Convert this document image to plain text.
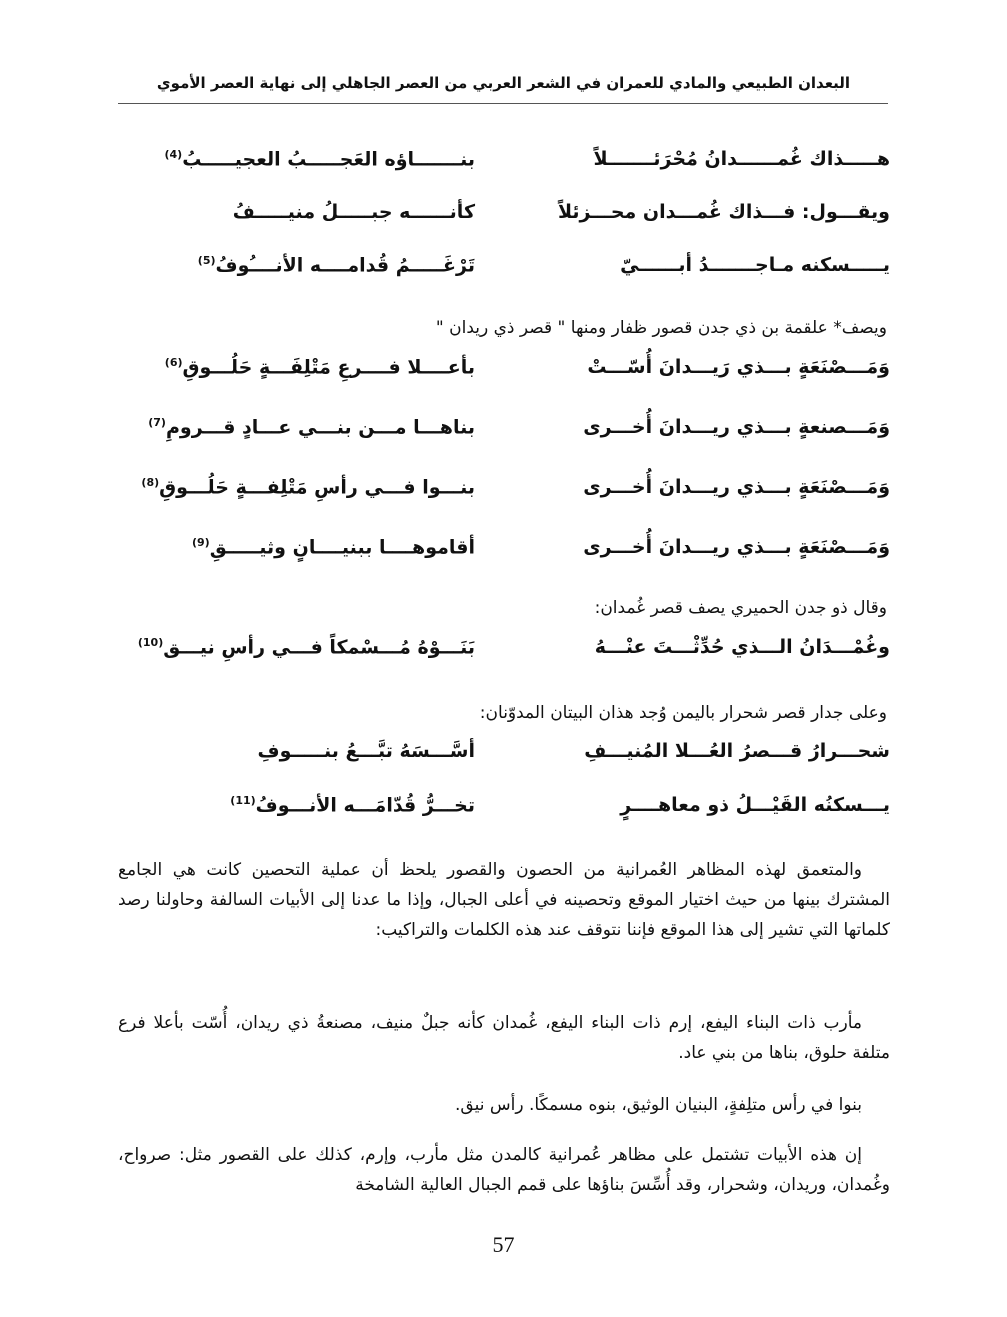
البعدان الطبيعي والمادي للعمران في الشعر العربي من العصر الجاهلي إلى نهاية العصر الأموي
هـــــذاك غُمــــــدانُ مُحْرَئـــــــلاً
بنـــــــاؤه العَجـــــبُ العجيـــــبُ$^{(4)}$
ويقـــول: فـــذاك غُمـــدان محـــزئلاً
كأنــــــه جبـــــلُ منيـــــفُ
يـــــسكنه مـاجـــــــدُ أبــــــيّ
تَرْغَـــــمُ قُدامــــه الأنــــُوفُ$^{(5)}$
ويصف* علقمة بن ذي جدن قصور ظفار ومنها " قصر ذي ريدان "
وَمَـــصْنَعَةٍ بـــذي رَيـــدانَ أُسّـــتْ
بأعــــلا فــــرعِ مَتْلِفَـــةٍ حَلُـــوقِ$^{(6)}$
وَمَـــصنعةٍ بـــذي ريـــدانَ أُخـــرى
بناهـــا مـــن بنـــي عـــادٍ قـــرومِ$^{(7)}$
وَمَـــصْنَعَةٍ بـــذي ريـــدانَ أُخـــرى
بنـــوا فـــي رأسِ مَتْلِفـــةٍ حَلُـــوقِ$^{(8)}$
وَمَـــصْنَعَةٍ بـــذي ريـــدانَ أُخـــرى
أقاموهــــا ببنيــــانٍ وثيـــــقِ$^{(9)}$
وقال ذو جدن الحميري يصف قصر غُمدان:
وغُمْـــدَانُ الـــذي حُدِّثْـــتَ عنْـــهُ
بَنَـــوْهُ مُـــسْمكاً فـــي رأسِ نيـــق$^{(10)}$
وعلى جدار قصر شحرار باليمن وُجد هذان البيتان المدوّنان:
شحـــرارُ قـــصرُ العُـــلا المُنيـــفِ
أسَّـــسَهُ تبَّـــعُ بنـــــوفِ
يـــسكنُه القَيْـــلُ ذو معاهــــرٍ
تخـــرُّ قُدّامَـــه الأنـــوفُ$^{(11)}$
والمتعمق لهذه المظاهر العُمرانية من الحصون والقصور يلحظ أن عملية التحصين كانت هي الجامع المشترك بينها من حيث اختيار الموقع وتحصينه في أعلى الجبال، وإذا ما عدنا إلى الأبيات السالفة وحاولنا رصد كلماتها التي تشير إلى هذا الموقع فإننا نتوقف عند هذه الكلمات والتراكيب:
مأرب ذات البناء اليفع، إرم ذات البناء اليفع، غُمدان كأنه جبلٌ منيف، مصنعةُ ذي ريدان، أُسّت بأعلا فرع متلفة حلوق، بناها من بني عاد.
بنوا في رأس متلِفةٍ، البنيان الوثيق، بنوه مسمكًا. رأس نيق.
إن هذه الأبيات تشتمل على مظاهر عُمرانية كالمدن مثل مأرب، وإرم، كذلك على القصور مثل: صرواح، وغُمدان، وريدان، وشحرار، وقد أُسِّسَ بناؤها على قمم الجبال العالية الشامخة
57
